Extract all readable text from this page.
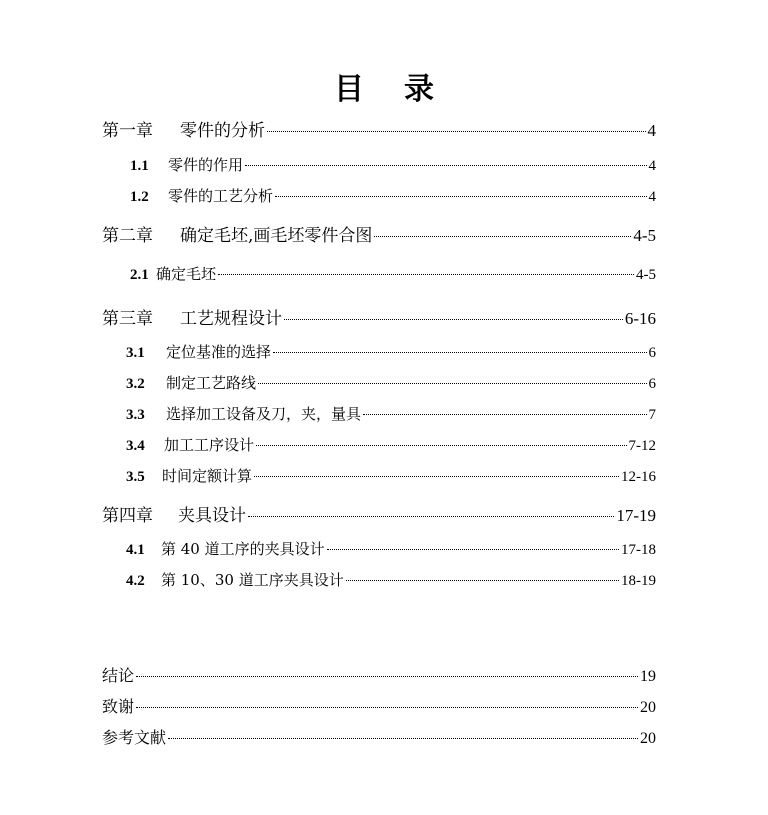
目 录
第一章 零件的分析	4
1.1 零件的作用	4
1.2 零件的工艺分析	4
第二章 确定毛坯,画毛坯零件合图	4-5
2.1 确定毛坯	4-5
第三章 工艺规程设计	6-16
3.1 定位基准的选择	6
3.2 制定工艺路线	6
3.3 选择加工设备及刀，夹，量具	7
3.4 加工工序设计	7-12
3.5 时间定额计算	12-16
第四章 夹具设计	17-19
4.1 第 40 道工序的夹具设计	17-18
4.2 第 10、30 道工序夹具设计	18-19
结论	19
致谢	20
参考文献	20
